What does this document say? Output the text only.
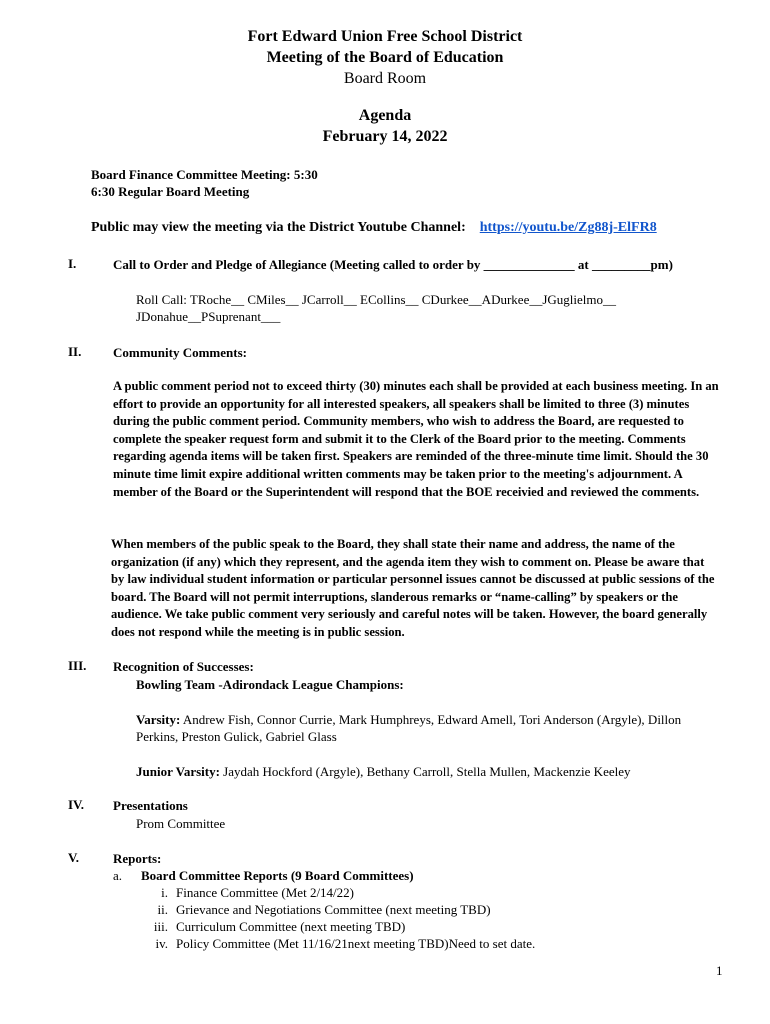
Fort Edward Union Free School District
Meeting of the Board of Education
Board Room
Agenda
February 14, 2022
Board Finance Committee Meeting: 5:30
6:30 Regular Board Meeting
Public may view the meeting via the District Youtube Channel: https://youtu.be/Zg88j-ElFR8
I.	Call to Order and Pledge of Allegiance (Meeting called to order by ______________ at _________pm)
Roll Call: TRoche__ CMiles__ JCarroll__ ECollins__ CDurkee__ADurkee__JGuglielmo__
JDonahue__PSuprenant___
II. Community Comments:

A public comment period not to exceed thirty (30) minutes each shall be provided at each business meeting. In an effort to provide an opportunity for all interested speakers, all speakers shall be limited to three (3) minutes during the public comment period. Community members, who wish to address the Board, are requested to complete the speaker request form and submit it to the Clerk of the Board prior to the meeting. Comments regarding agenda items will be taken first. Speakers are reminded of the three-minute time limit. Should the 30 minute time limit expire additional written comments may be taken prior to the meeting's adjournment. A member of the Board or the Superintendent will respond that the BOE receivied and reviewed the comments.

When members of the public speak to the Board, they shall state their name and address, the name of the organization (if any) which they represent, and the agenda item they wish to comment on. Please be aware that by law individual student information or particular personnel issues cannot be discussed at public sessions of the board. The Board will not permit interruptions, slanderous remarks or “name-calling” by speakers or the audience. We take public comment very seriously and careful notes will be taken. However, the board generally does not respond while the meeting is in public session.

III. Recognition of Successes:
Bowling Team -Adirondack League Champions:
Varsity: Andrew Fish, Connor Currie, Mark Humphreys, Edward Amell, Tori Anderson (Argyle), Dillon
Perkins, Preston Gulick, Gabriel Glass
Junior Varsity: Jaydah Hockford (Argyle), Bethany Carroll, Stella Mullen, Mackenzie Keeley
IV. Presentations
Prom Committee
V.	Reports:
a. Board Committee Reports (9 Board Committees)
i. Finance Committee (Met 2/14/22)
ii. Grievance and Negotiations Committee (next meeting TBD)
iii. Curriculum Committee (next meeting TBD)
iv. Policy Committee (Met 11/16/21next meeting TBD)Need to set date.
1
